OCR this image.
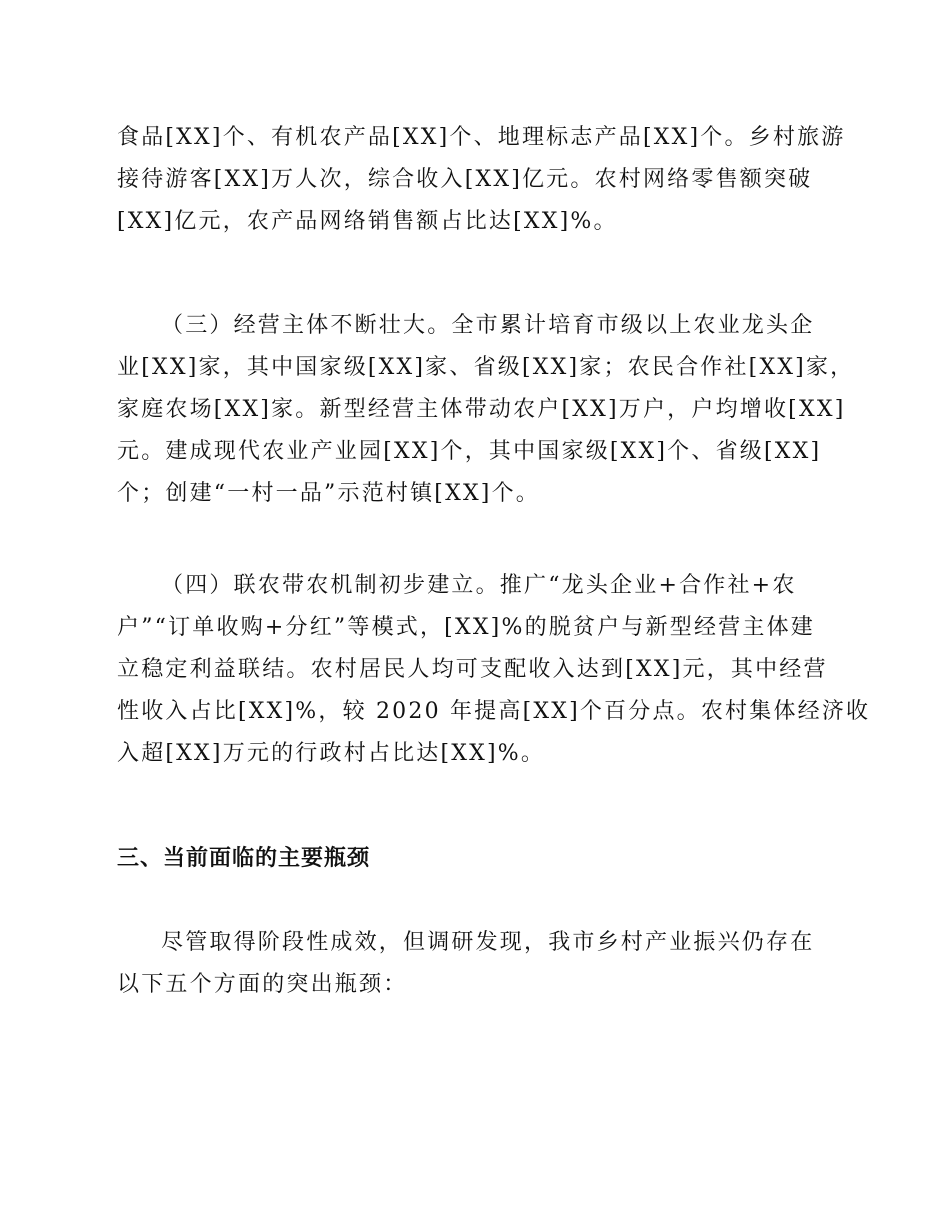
食品[XX]个、有机农产品[XX]个、地理标志产品[XX]个。乡村旅游
接待游客[XX]万人次，综合收入[XX]亿元。农村网络零售额突破
[XX]亿元，农产品网络销售额占比达[XX]%。

（三）经营主体不断壮大。全市累计培育市级以上农业龙头企
业[XX]家，其中国家级[XX]家、省级[XX]家；农民合作社[XX]家，
家庭农场[XX]家。新型经营主体带动农户[XX]万户，户均增收[XX]
元。建成现代农业产业园[XX]个，其中国家级[XX]个、省级[XX]
个；创建“一村一品”示范村镇[XX]个。

（四）联农带农机制初步建立。推广“龙头企业+合作社+农
户”“订单收购+分红”等模式，[XX]%的脱贫户与新型经营主体建
立稳定利益联结。农村居民人均可支配收入达到[XX]元，其中经营
性收入占比[XX]%，较 2020 年提高[XX]个百分点。农村集体经济收
入超[XX]万元的行政村占比达[XX]%。

三、当前面临的主要瓶颈

尽管取得阶段性成效，但调研发现，我市乡村产业振兴仍存在
以下五个方面的突出瓶颈：
